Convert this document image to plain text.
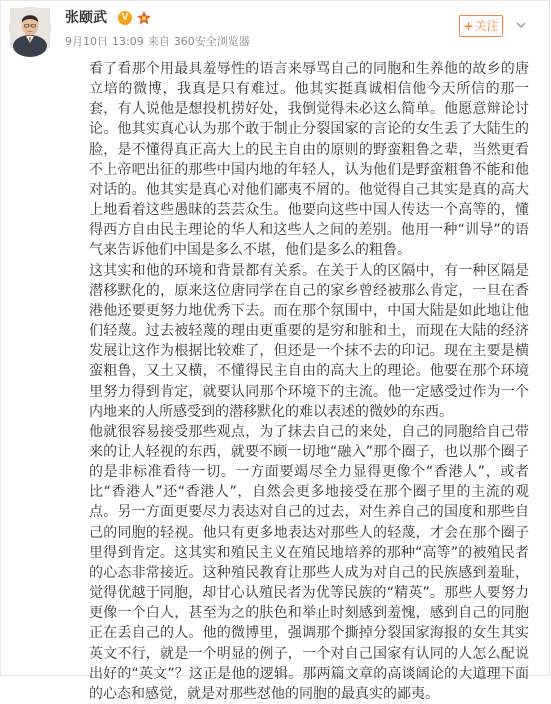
张颐武	V
9月10日 13:09 来自 360安全浏览器
+关注

看了看那个用最具羞辱性的语言来辱骂自己的同胞和生养他的故乡的唐立培的微博，我真是只有难过。他其实挺真诚相信他今天所信的那一套，有人说他是想投机捞好处，我倒觉得未必这么简单。他愿意辩论讨论。他其实真心认为那个敢于制止分裂国家的言论的女生丢了大陆生的脸，是不懂得真正高大上的民主自由的原则的野蛮粗鲁之辈，当然更看不上帝吧出征的那些中国内地的年轻人，认为他们是野蛮粗鲁不能和他对话的。他其实是真心对他们鄙夷不屑的。他觉得自己其实是真的高大上地看着这些愚昧的芸芸众生。他要向这些中国人传达一个高等的，懂得西方自由民主理论的华人和这些人之间的差别。他用一种“训导”的语气来告诉他们中国是多么不堪，他们是多么的粗鲁。

这其实和他的环境和背景都有关系。在关于人的区隔中，有一种区隔是潜移默化的，原来这位唐同学在自己的家乡曾经被那么肯定，一旦在香港他还要更努力地优秀下去。而在那个氛围中，中国大陆是如此地让他们轻蔑。过去被轻蔑的理由更重要的是穷和脏和土，而现在大陆的经济发展让这作为根据比较难了，但还是一个抹不去的印记。现在主要是横蛮粗鲁，又土又横，不懂得民主自由的高大上的理论。他要在那个环境里努力得到肯定，就要认同那个环境下的主流。他一定感受过作为一个内地来的人所感受到的潜移默化的难以表述的微妙的东西。

他就很容易接受那些观点，为了抹去自己的来处，自己的同胞给自己带来的让人轻视的东西，就要不顾一切地“融入”那个圈子，也以那个圈子的是非标准看待一切。一方面要竭尽全力显得更像个“香港人”，或者比“香港人”还“香港人”，自然会更多地接受在那个圈子里的主流的观点。另一方面更要尽力表达对自己的过去，对生养自己的国度和那些自己的同胞的轻视。他只有更多地表达对那些人的轻蔑，才会在那个圈子里得到肯定。这其实和殖民主义在殖民地培养的那种“高等”的被殖民者的心态非常接近。这种殖民教育让那些人成为对自己的民族感到羞耻，觉得优越于同胞，却甘心认殖民者为优等民族的“精英”。那些人要努力更像一个白人，甚至为之的肤色和举止时刻感到羞愧，感到自己的同胞正在丢自己的人。他的微博里，强调那个撕掉分裂国家海报的女生其实英文不行，就是一个明显的例子，一个对自己国家有认同的人怎么配说出好的“英文”？这正是他的逻辑。那两篇文章的高谈阔论的大道理下面的心态和感觉，就是对那些怼他的同胞的最真实的鄙夷。
